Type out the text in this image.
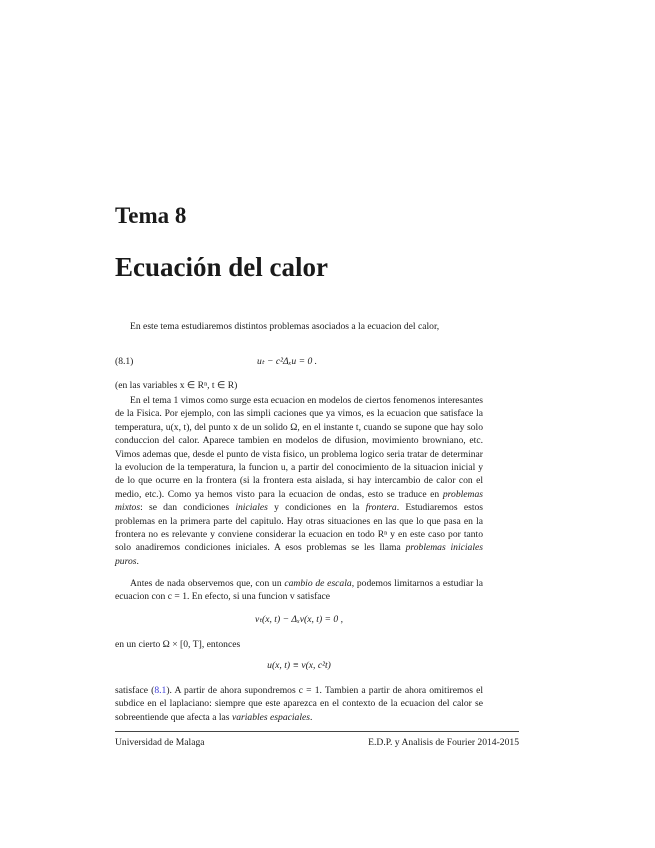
Tema 8
Ecuación del calor
En este tema estudiaremos distintos problemas asociados a la ecuacion del calor,
(8.1)	uₜ − c²Δₓu = 0 .
(en las variables x ∈ Rⁿ, t ∈ R)
En el tema 1 vimos como surge esta ecuacion en modelos de ciertos fenomenos interesantes de la Fisica. Por ejemplo, con las simpli caciones que ya vimos, es la ecuacion que satisface la temperatura, u(x, t), del punto x de un solido Ω, en el instante t, cuando se supone que hay solo conduccion del calor. Aparece tambien en modelos de difusion, movimiento browniano, etc. Vimos ademas que, desde el punto de vista fisico, un problema logico seria tratar de determinar la evolucion de la temperatura, la funcion u, a partir del conocimiento de la situacion inicial y de lo que ocurre en la frontera (si la frontera esta aislada, si hay intercambio de calor con el medio, etc.). Como ya hemos visto para la ecuacion de ondas, esto se traduce en problemas mixtos: se dan condiciones iniciales y condiciones en la frontera. Estudiaremos estos problemas en la primera parte del capitulo. Hay otras situaciones en las que lo que pasa en la frontera no es relevante y conviene considerar la ecuacion en todo Rⁿ y en este caso por tanto solo anadiremos condiciones iniciales. A esos problemas se les llama problemas iniciales puros.
Antes de nada observemos que, con un cambio de escala, podemos limitarnos a estudiar la ecuacion con c = 1. En efecto, si una funcion v satisface
vₜ(x, t) − Δₓv(x, t) = 0 ,
en un cierto Ω × [0, T], entonces
u(x, t) ≡ v(x, c²t)
satisface (8.1). A partir de ahora supondremos c = 1. Tambien a partir de ahora omitiremos el subdice en el laplaciano: siempre que este aparezca en el contexto de la ecuacion del calor se sobreentiende que afecta a las variables espaciales.
Universidad de Malaga	E.D.P. y Analisis de Fourier 2014-2015
